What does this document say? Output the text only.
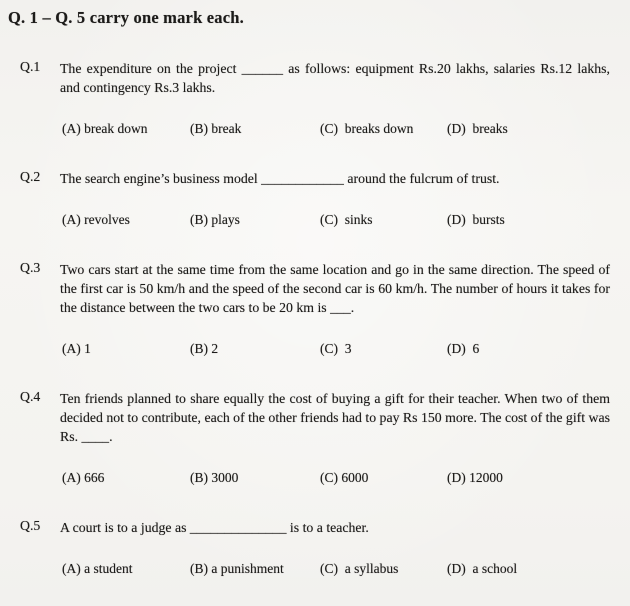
Q. 1 – Q. 5 carry one mark each.
Q.1	The expenditure on the project ______ as follows: equipment Rs.20 lakhs, salaries Rs.12 lakhs, and contingency Rs.3 lakhs.

(A) break down	(B) break	(C)  breaks down	(D)  breaks
Q.2	The search engine’s business model ____________ around the fulcrum of trust.

(A) revolves	(B) plays	(C)  sinks	(D)  bursts
Q.3	Two cars start at the same time from the same location and go in the same direction. The speed of the first car is 50 km/h and the speed of the second car is 60 km/h. The number of hours it takes for the distance between the two cars to be 20 km is ___.

(A) 1	(B) 2	(C)  3	(D)  6
Q.4	Ten friends planned to share equally the cost of buying a gift for their teacher. When two of them decided not to contribute, each of the other friends had to pay Rs 150 more. The cost of the gift was Rs. ____.

(A) 666	(B) 3000	(C) 6000	(D) 12000
Q.5	A court is to a judge as ______________ is to a teacher.

(A) a student	(B) a punishment	(C)  a syllabus	(D)  a school
